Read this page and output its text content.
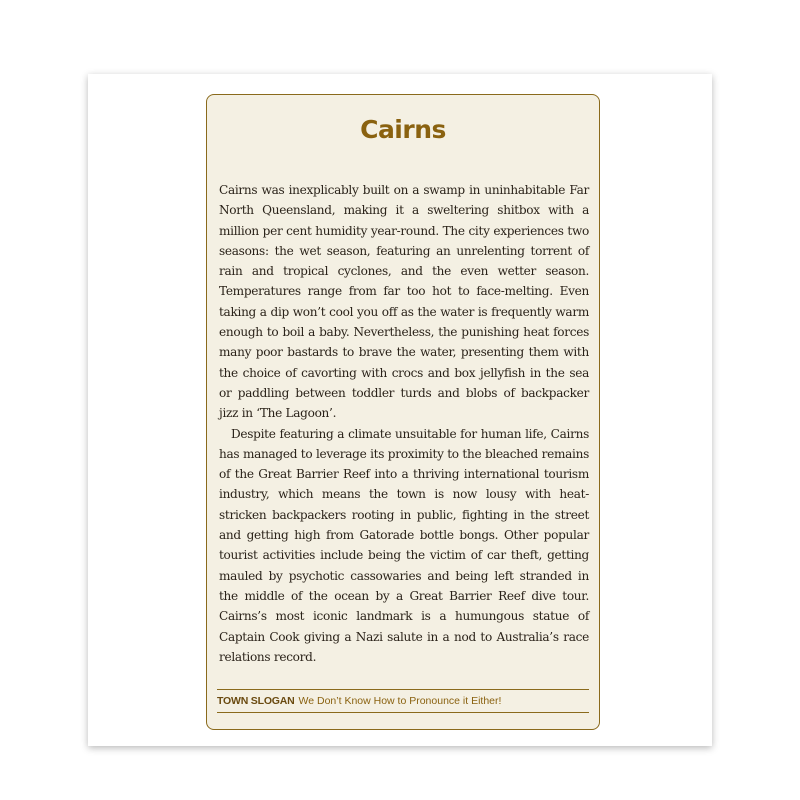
Cairns

Cairns was inexplicably built on a swamp in uninhabitable Far North Queensland, making it a sweltering shitbox with a million per cent humidity year-round. The city experiences two seasons: the wet season, featuring an unrelenting torrent of rain and tropical cyclones, and the even wetter season. Temperatures range from far too hot to face-melting. Even taking a dip won’t cool you off as the water is frequently warm enough to boil a baby. Nevertheless, the punishing heat forces many poor bastards to brave the water, presenting them with the choice of cavorting with crocs and box jellyfish in the sea or paddling between toddler turds and blobs of backpacker jizz in ‘The Lagoon’.

Despite featuring a climate unsuitable for human life, Cairns has managed to leverage its proximity to the bleached remains of the Great Barrier Reef into a thriving international tourism industry, which means the town is now lousy with heat-stricken backpackers rooting in public, fighting in the street and getting high from Gatorade bottle bongs. Other popular tourist activities include being the victim of car theft, getting mauled by psychotic cassowaries and being left stranded in the middle of the ocean by a Great Barrier Reef dive tour. Cairns’s most iconic landmark is a humungous statue of Captain Cook giving a Nazi salute in a nod to Australia’s race relations record.

TOWN SLOGAN We Don’t Know How to Pronounce it Either!
